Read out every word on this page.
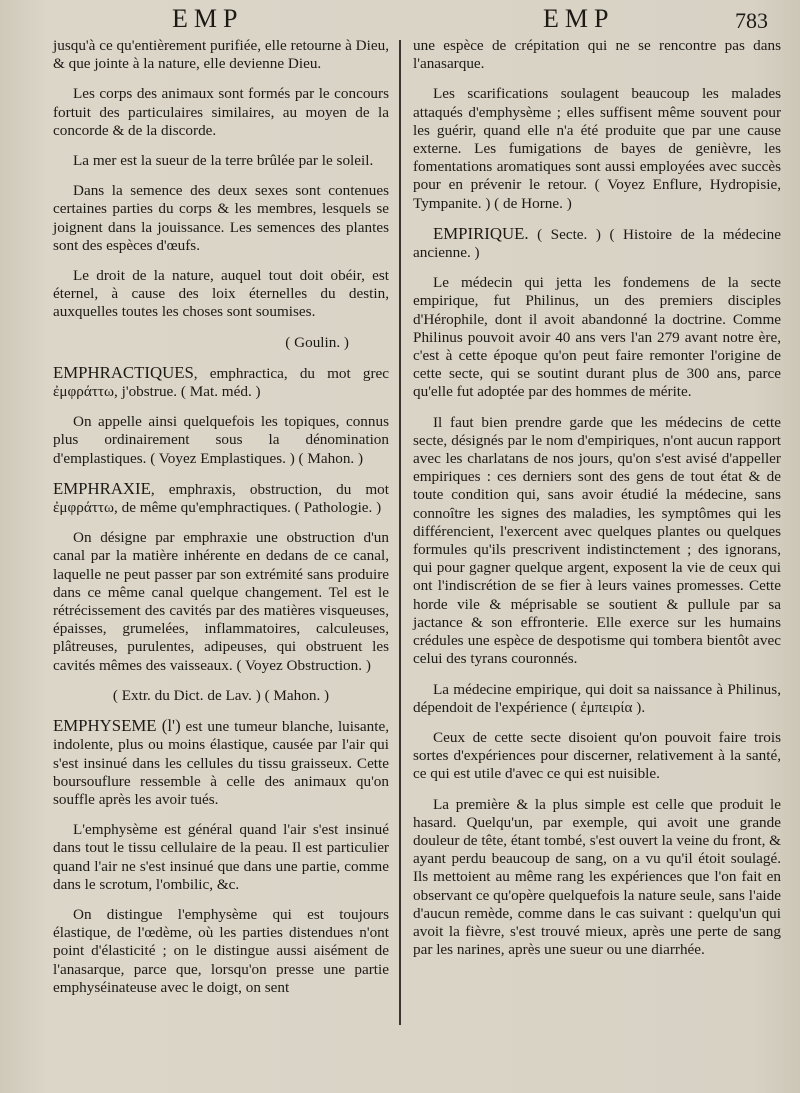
EMP	EMP	783
jusqu'à ce qu'entièrement purifiée, elle retourne à Dieu, & que jointe à la nature, elle devienne Dieu.
Les corps des animaux sont formés par le concours fortuit des particulaires similaires, au moyen de la concorde & de la discorde.
La mer est la sueur de la terre brûlée par le soleil.
Dans la semence des deux sexes sont contenues certaines parties du corps & les membres, lesquels se joignent dans la jouissance. Les semences des plantes sont des espèces d'œufs.
Le droit de la nature, auquel tout doit obéir, est éternel, à cause des loix éternelles du destin, auxquelles toutes les choses sont soumises.
( Goulin. )
EMPHRACTIQUES, emphractica, du mot grec ἐμφράττω, j'obstrue. ( Mat. méd. )
On appelle ainsi quelquefois les topiques, connus plus ordinairement sous la dénomination d'emplastiques. ( Voyez Emplastiques. ) ( Mahon. )
EMPHRAXIE, emphraxis, obstruction, du mot ἐμφράττω, de même qu'emphractiques. ( Pathologie. )
On désigne par emphraxie une obstruction d'un canal par la matière inhérente en dedans de ce canal, laquelle ne peut passer par son extrémité sans produire dans ce même canal quelque changement. Tel est le rétrécissement des cavités par des matières visqueuses, épaisses, grumelées, inflammatoires, calculeuses, plâtreuses, purulentes, adipeuses, qui obstruent les cavités mêmes des vaisseaux. ( Voyez Obstruction. )
( Extr. du Dict. de Lav. ) ( Mahon. )
EMPHYSEME (l') est une tumeur blanche, luisante, indolente, plus ou moins élastique, causée par l'air qui s'est insinué dans les cellules du tissu graisseux. Cette boursouflure ressemble à celle des animaux qu'on souffle après les avoir tués.
L'emphysème est général quand l'air s'est insinué dans tout le tissu cellulaire de la peau. Il est particulier quand l'air ne s'est insinué que dans une partie, comme dans le scrotum, l'ombilic, &c.
On distingue l'emphysème qui est toujours élastique, de l'œdème, où les parties distendues n'ont point d'élasticité ; on le distingue aussi aisément de l'anasarque, parce que, lorsqu'on presse une partie emphyséinateuse avec le doigt, on sent
une espèce de crépitation qui ne se rencontre pas dans l'anasarque.
Les scarifications soulagent beaucoup les malades attaqués d'emphysème ; elles suffisent même souvent pour les guérir, quand elle n'a été produite que par une cause externe. Les fumigations de bayes de genièvre, les fomentations aromatiques sont aussi employées avec succès pour en prévenir le retour. ( Voyez Enflure, Hydropisie, Tympanite. ) ( de Horne. )
EMPIRIQUE. ( Secte. ) ( Histoire de la médecine ancienne. )
Le médecin qui jetta les fondemens de la secte empirique, fut Philinus, un des premiers disciples d'Hérophile, dont il avoit abandonné la doctrine. Comme Philinus pouvoit avoir 40 ans vers l'an 279 avant notre ère, c'est à cette époque qu'on peut faire remonter l'origine de cette secte, qui se soutint durant plus de 300 ans, parce qu'elle fut adoptée par des hommes de mérite.
Il faut bien prendre garde que les médecins de cette secte, désignés par le nom d'empiriques, n'ont aucun rapport avec les charlatans de nos jours, qu'on s'est avisé d'appeller empiriques : ces derniers sont des gens de tout état & de toute condition qui, sans avoir étudié la médecine, sans connoître les signes des maladies, les symptômes qui les différencient, l'exercent avec quelques plantes ou quelques formules qu'ils prescrivent indistinctement ; des ignorans, qui pour gagner quelque argent, exposent la vie de ceux qui ont l'indiscrétion de se fier à leurs vaines promesses. Cette horde vile & méprisable se soutient & pullule par sa jactance & son effronterie. Elle exerce sur les humains crédules une espèce de despotisme qui tombera bientôt avec celui des tyrans couronnés.
La médecine empirique, qui doit sa naissance à Philinus, dépendoit de l'expérience ( ἐμπειρία ).
Ceux de cette secte disoient qu'on pouvoit faire trois sortes d'expériences pour discerner, relativement à la santé, ce qui est utile d'avec ce qui est nuisible.
La première & la plus simple est celle que produit le hasard. Quelqu'un, par exemple, qui avoit une grande douleur de tête, étant tombé, s'est ouvert la veine du front, & ayant perdu beaucoup de sang, on a vu qu'il étoit soulagé. Ils mettoient au même rang les expériences que l'on fait en observant ce qu'opère quelquefois la nature seule, sans l'aide d'aucun remède, comme dans le cas suivant : quelqu'un qui avoit la fièvre, s'est trouvé mieux, après une perte de sang par les narines, après une sueur ou une diarrhée.
